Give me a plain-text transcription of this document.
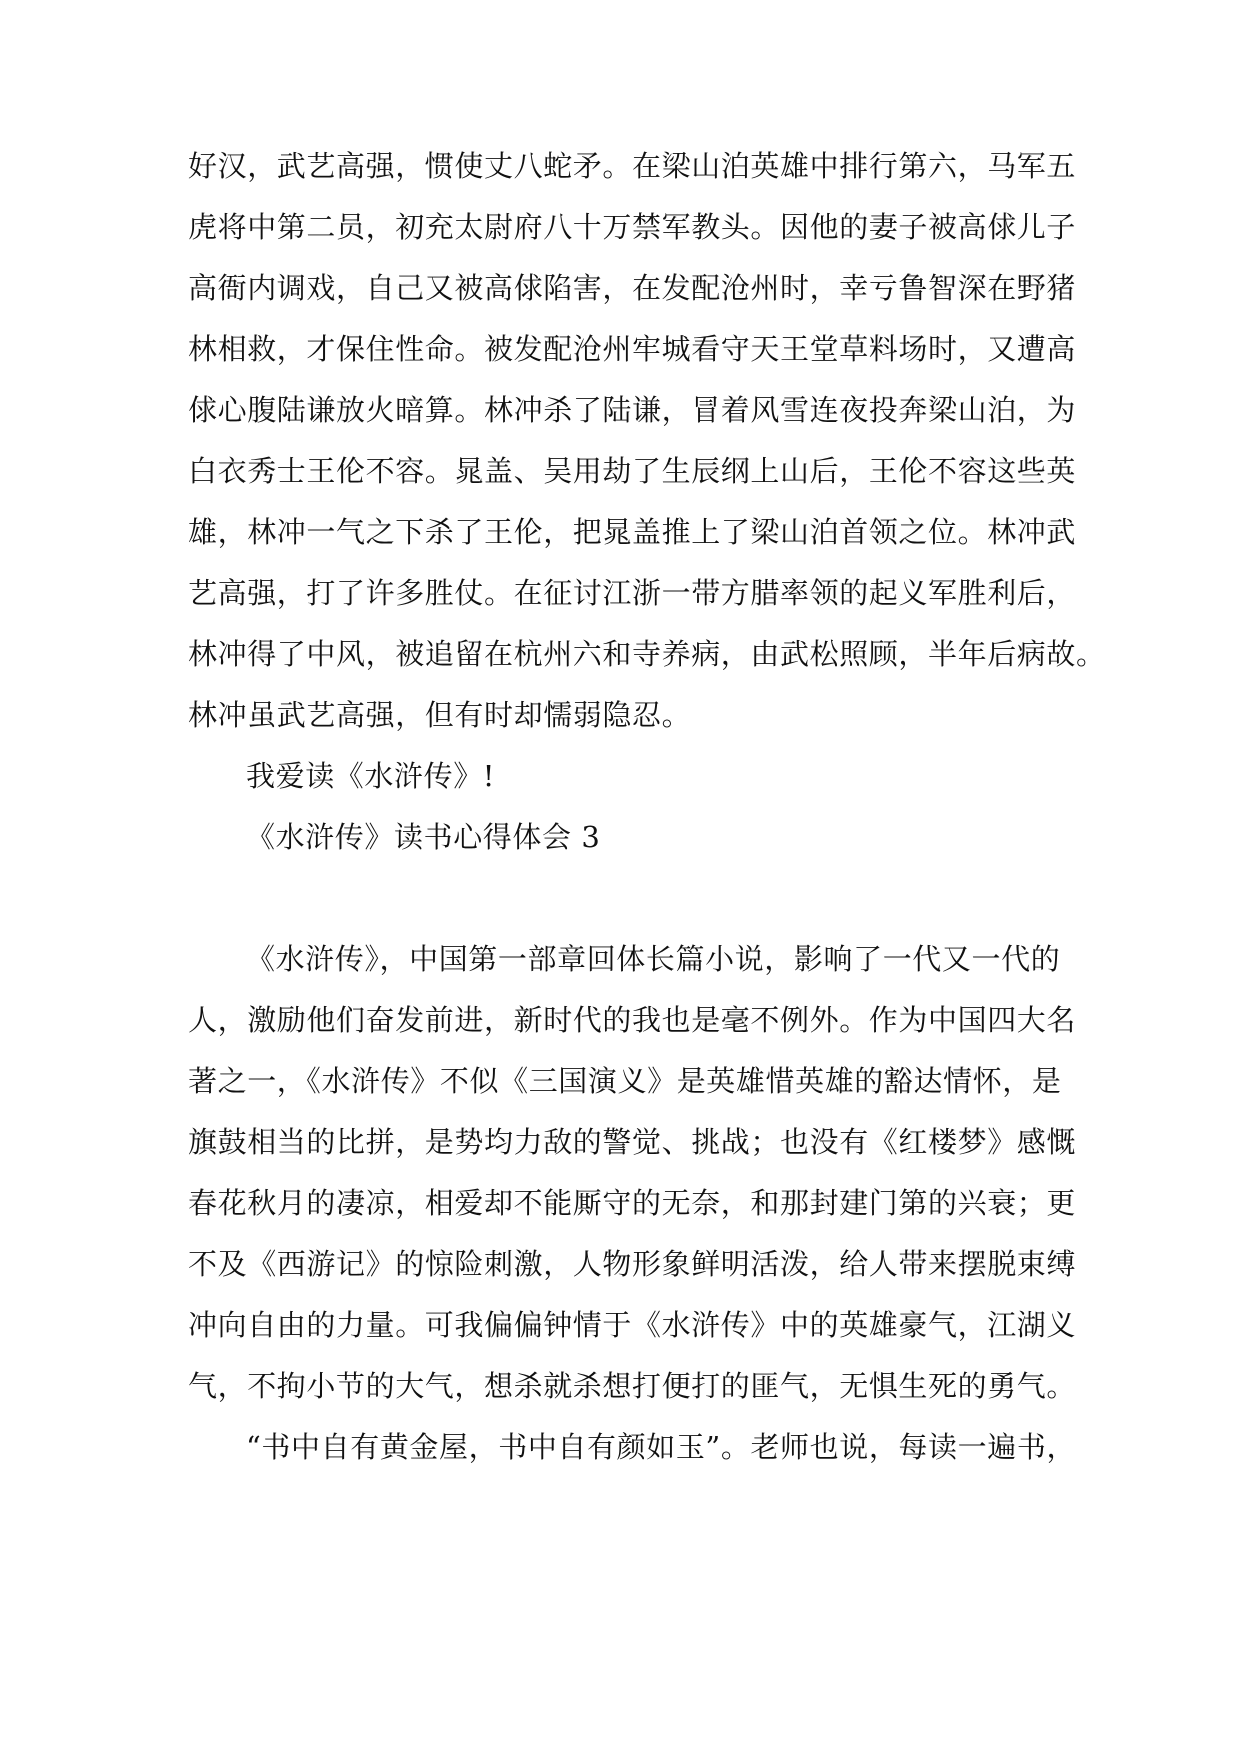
好汉，武艺高强，惯使丈八蛇矛。在梁山泊英雄中排行第六，马军五
虎将中第二员，初充太尉府八十万禁军教头。因他的妻子被高俅儿子
高衙内调戏，自己又被高俅陷害，在发配沧州时，幸亏鲁智深在野猪
林相救，才保住性命。被发配沧州牢城看守天王堂草料场时，又遭高
俅心腹陆谦放火暗算。林冲杀了陆谦，冒着风雪连夜投奔梁山泊，为
白衣秀士王伦不容。晁盖、吴用劫了生辰纲上山后，王伦不容这些英
雄，林冲一气之下杀了王伦，把晁盖推上了梁山泊首领之位。林冲武
艺高强，打了许多胜仗。在征讨江浙一带方腊率领的起义军胜利后，
林冲得了中风，被追留在杭州六和寺养病，由武松照顾，半年后病故。
林冲虽武艺高强，但有时却懦弱隐忍。
我爱读《水浒传》!
《水浒传》读书心得体会 3
《水浒传》，中国第一部章回体长篇小说，影响了一代又一代的
人，激励他们奋发前进，新时代的我也是毫不例外。作为中国四大名
著之一，《水浒传》不似《三国演义》是英雄惜英雄的豁达情怀，是
旗鼓相当的比拼，是势均力敌的警觉、挑战；也没有《红楼梦》感慨
春花秋月的凄凉，相爱却不能厮守的无奈，和那封建门第的兴衰；更
不及《西游记》的惊险刺激，人物形象鲜明活泼，给人带来摆脱束缚
冲向自由的力量。可我偏偏钟情于《水浒传》中的英雄豪气，江湖义
气，不拘小节的大气，想杀就杀想打便打的匪气，无惧生死的勇气。
“书中自有黄金屋，书中自有颜如玉”。老师也说，每读一遍书，
